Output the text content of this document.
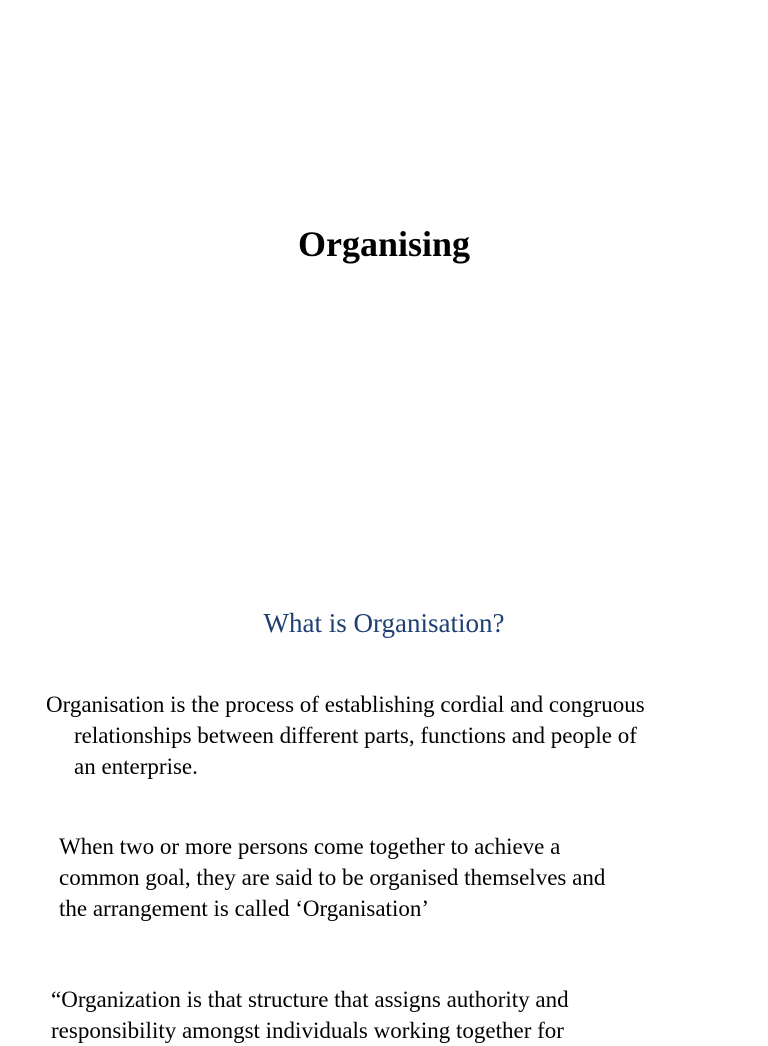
Organising
What is Organisation?

Organisation is the process of establishing cordial and congruous
relationships between different parts, functions and people of
an enterprise.

When two or more persons come together to achieve a
common goal, they are said to be organised themselves and
the arrangement is called ‘Organisation’

“Organization is that structure that assigns authority and
responsibility amongst individuals working together for
